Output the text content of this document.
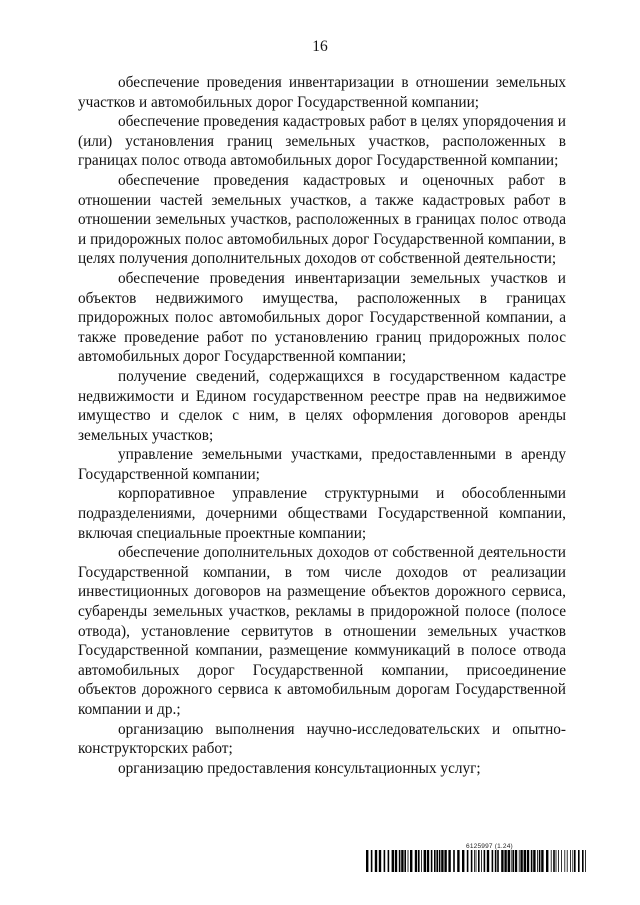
16

обеспечение проведения инвентаризации в отношении земельных участков и автомобильных дорог Государственной компании;

обеспечение проведения кадастровых работ в целях упорядочения и (или) установления границ земельных участков, расположенных в границах полос отвода автомобильных дорог Государственной компании;

обеспечение проведения кадастровых и оценочных работ в отношении частей земельных участков, а также кадастровых работ в отношении земельных участков, расположенных в границах полос отвода и придорожных полос автомобильных дорог Государственной компании, в целях получения дополнительных доходов от собственной деятельности;

обеспечение проведения инвентаризации земельных участков и объектов недвижимого имущества, расположенных в границах придорожных полос автомобильных дорог Государственной компании, а также проведение работ по установлению границ придорожных полос автомобильных дорог Государственной компании;

получение сведений, содержащихся в государственном кадастре недвижимости и Едином государственном реестре прав на недвижимое имущество и сделок с ним, в целях оформления договоров аренды земельных участков;

управление земельными участками, предоставленными в аренду Государственной компании;

корпоративное управление структурными и обособленными подразделениями, дочерними обществами Государственной компании, включая специальные проектные компании;

обеспечение дополнительных доходов от собственной деятельности Государственной компании, в том числе доходов от реализации инвестиционных договоров на размещение объектов дорожного сервиса, субаренды земельных участков, рекламы в придорожной полосе (полосе отвода), установление сервитутов в отношении земельных участков Государственной компании, размещение коммуникаций в полосе отвода автомобильных дорог Государственной компании, присоединение объектов дорожного сервиса к автомобильным дорогам Государственной компании и др.;

организацию выполнения научно-исследовательских и опытно-конструкторских работ;

организацию предоставления консультационных услуг;

6125997 (1.24)
